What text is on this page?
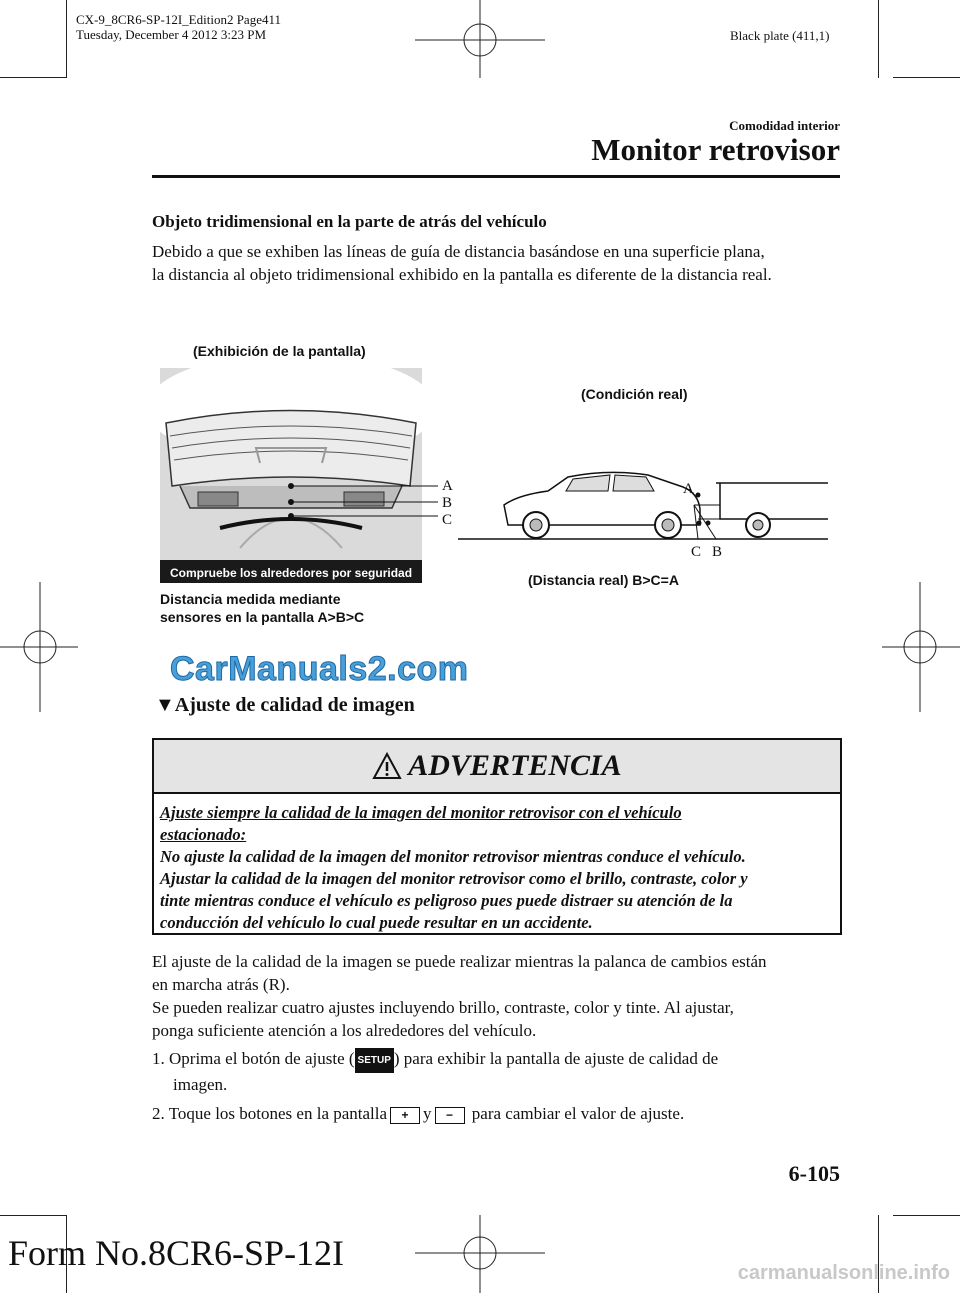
CX-9_8CR6-SP-12I_Edition2 Page411
Tuesday, December 4 2012 3:23 PM	Black plate (411,1)
Comodidad interior
Monitor retrovisor
Objeto tridimensional en la parte de atrás del vehículo
Debido a que se exhiben las líneas de guía de distancia basándose en una superficie plana,
la distancia al objeto tridimensional exhibido en la pantalla es diferente de la distancia real.
(Exhibición de la pantalla)
(Condición real)
Compruebe los alrededores por seguridad
A
B
C
A
C B
Distancia medida mediante
sensores en la pantalla A>B>C
(Distancia real) B>C=A
CarManuals2.com
▼Ajuste de calidad de imagen
ADVERTENCIA
Ajuste siempre la calidad de la imagen del monitor retrovisor con el vehículo
estacionado:
No ajuste la calidad de la imagen del monitor retrovisor mientras conduce el vehículo.
Ajustar la calidad de la imagen del monitor retrovisor como el brillo, contraste, color y
tinte mientras conduce el vehículo es peligroso pues puede distraer su atención de la
conducción del vehículo lo cual puede resultar en un accidente.
El ajuste de la calidad de la imagen se puede realizar mientras la palanca de cambios están
en marcha atrás (R).
Se pueden realizar cuatro ajustes incluyendo brillo, contraste, color y tinte. Al ajustar,
ponga suficiente atención a los alrededores del vehículo.
1. Oprima el botón de ajuste ( SETUP ) para exhibir la pantalla de ajuste de calidad de
imagen.
2. Toque los botones en la pantalla + y − para cambiar el valor de ajuste.
6-105
Form No.8CR6-SP-12I	carmanualsonline.info
